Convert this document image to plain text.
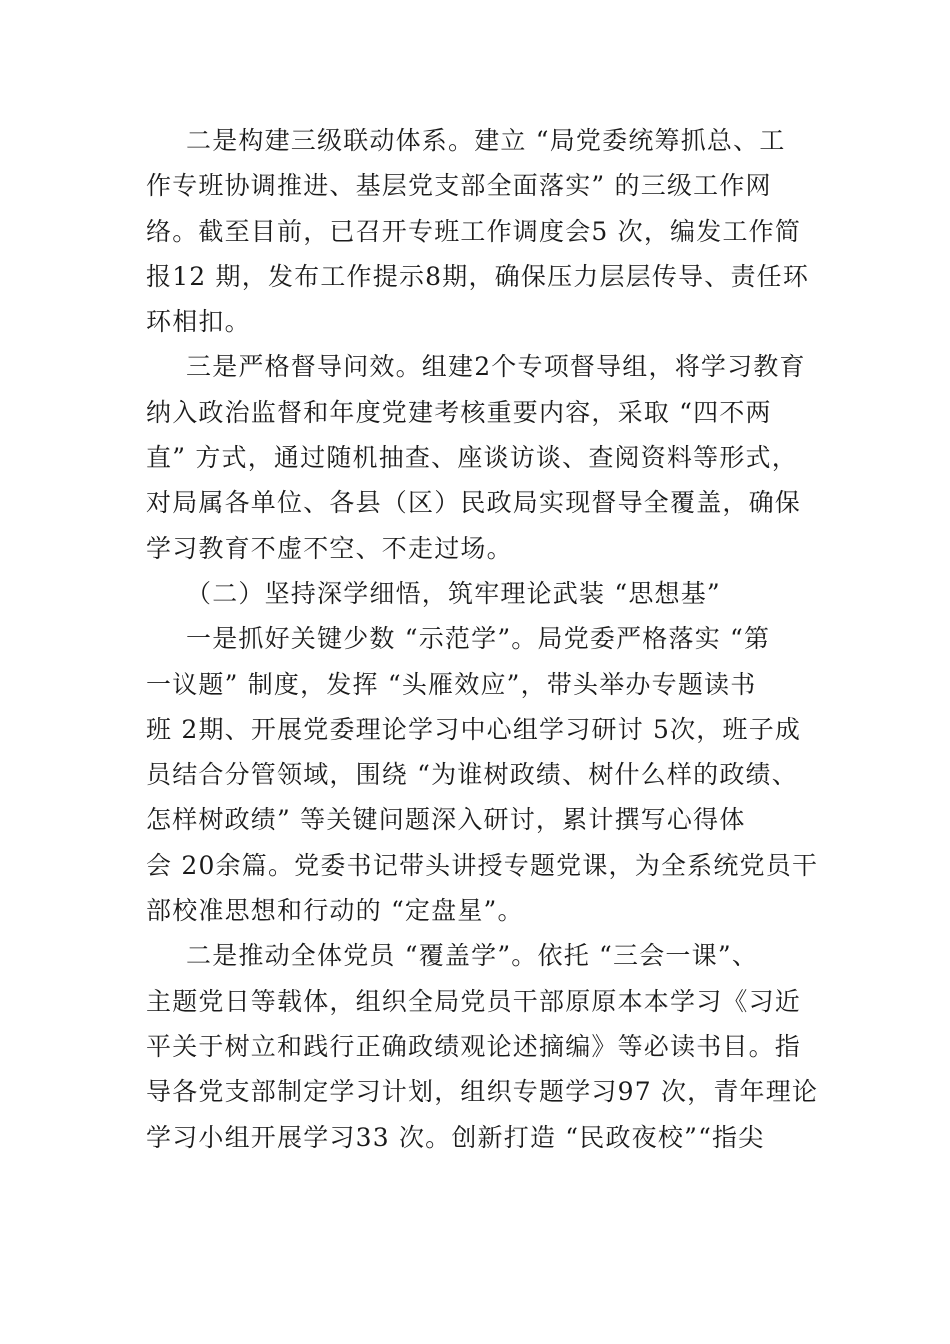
二是构建三级联动体系。建立 “局党委统筹抓总、工
作专班协调推进、基层党支部全面落实” 的三级工作网
络。截至目前，已召开专班工作调度会5 次，编发工作简
报12 期，发布工作提示8期，确保压力层层传导、责任环
环相扣。
三是严格督导问效。组建2个专项督导组，将学习教育
纳入政治监督和年度党建考核重要内容，采取 “四不两
直” 方式，通过随机抽查、座谈访谈、查阅资料等形式，
对局属各单位、各县（区）民政局实现督导全覆盖，确保
学习教育不虚不空、不走过场。
（二）坚持深学细悟，筑牢理论武装 “思想基”
一是抓好关键少数 “示范学”。局党委严格落实 “第
一议题” 制度，发挥 “头雁效应”，带头举办专题读书
班 2期、开展党委理论学习中心组学习研讨 5次，班子成
员结合分管领域，围绕 “为谁树政绩、树什么样的政绩、
怎样树政绩” 等关键问题深入研讨，累计撰写心得体
会 20余篇。党委书记带头讲授专题党课，为全系统党员干
部校准思想和行动的 “定盘星”。
二是推动全体党员 “覆盖学”。依托 “三会一课”、
主题党日等载体，组织全局党员干部原原本本学习《习近
平关于树立和践行正确政绩观论述摘编》等必读书目。指
导各党支部制定学习计划，组织专题学习97 次，青年理论
学习小组开展学习33 次。创新打造 “民政夜校”“指尖
